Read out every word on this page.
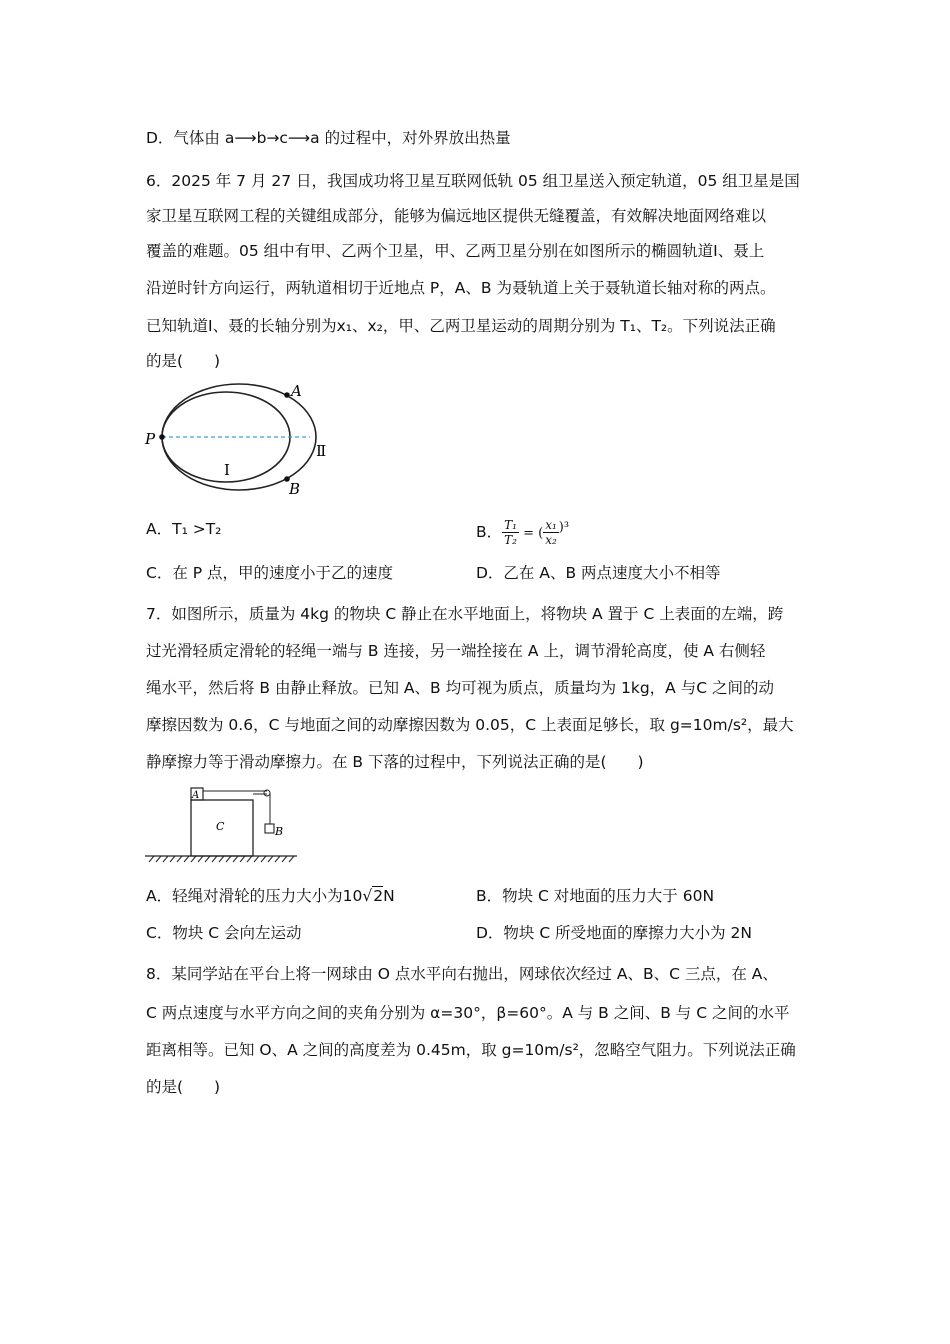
D．气体由 a⟶b→c⟶a 的过程中，对外界放出热量
6．2025 年 7 月 27 日，我国成功将卫星互联网低轨 05 组卫星送入预定轨道，05 组卫星是国
家卫星互联网工程的关键组成部分，能够为偏远地区提供无缝覆盖，有效解决地面网络难以
覆盖的难题。05 组中有甲、乙两个卫星，甲、乙两卫星分别在如图所示的椭圆轨道Ⅰ、聂上
沿逆时针方向运行，两轨道相切于近地点 P，A、B 为聂轨道上关于聂轨道长轴对称的两点。
已知轨道Ⅰ、聂的长轴分别为x₁、x₂，甲、乙两卫星运动的周期分别为 T₁、T₂。下列说法正确
的是(　　)
P
A
B
Ⅰ
Ⅱ
A．T₁ >T₂	B． $\frac{\text{T₁}}{\text{T₂}}$ = ( $\frac{\text{x₁}}{\text{x₂}} ^{)^3}$
C．在 P 点，甲的速度小于乙的速度	D．乙在 A、B 两点速度大小不相等
7．如图所示，质量为 4kg 的物块 C 静止在水平地面上，将物块 A 置于 C 上表面的左端，跨
过光滑轻质定滑轮的轻绳一端与 B 连接，另一端拴接在 A 上，调节滑轮高度，使 A 右侧轻
绳水平，然后将 B 由静止释放。已知 A、B 均可视为质点，质量均为 1kg，A 与C 之间的动
摩擦因数为 0.6，C 与地面之间的动摩擦因数为 0.05，C 上表面足够长，取 g=10m/s²，最大
静摩擦力等于滑动摩擦力。在 B 下落的过程中，下列说法正确的是(　　)
A
C	B
A．轻绳对滑轮的压力大小为10√2N	B．物块 C 对地面的压力大于 60N
C．物块 C 会向左运动	D．物块 C 所受地面的摩擦力大小为 2N
8．某同学站在平台上将一网球由 O 点水平向右抛出，网球依次经过 A、B、C 三点，在 A、
C 两点速度与水平方向之间的夹角分别为 α=30°，β=60°。A 与 B 之间、B 与 C 之间的水平
距离相等。已知 O、A 之间的高度差为 0.45m，取 g=10m/s²，忽略空气阻力。下列说法正确
的是(　　)
